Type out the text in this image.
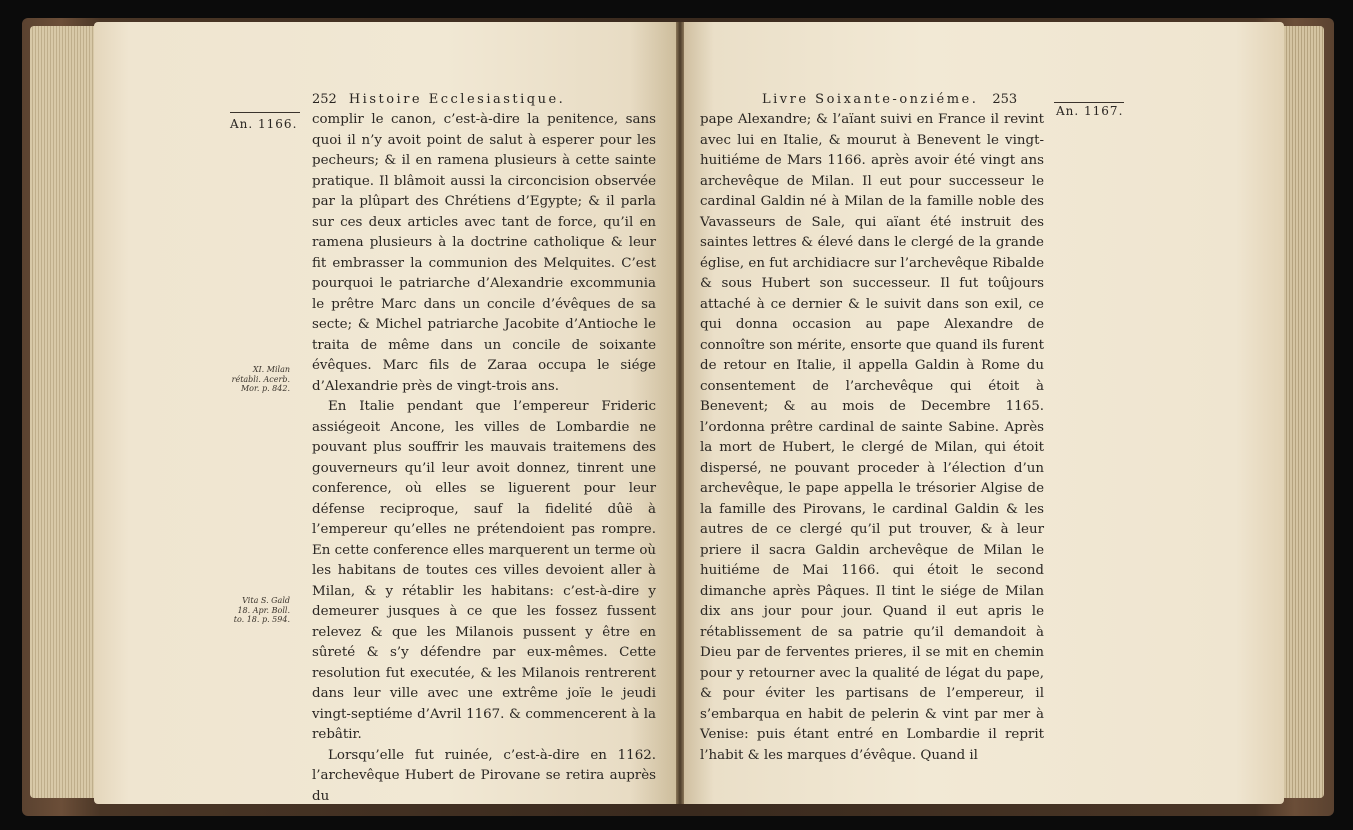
252 Histoire Ecclesiastique.
An. 1166.
XI. Milan rétabli. Acerb. Mor. p. 842.
Vita S. Gald 18. Apr. Boll. to. 18. p. 594.

complir le canon, c’est-à-dire la penitence, sans quoi il n’y avoit point de salut à esperer pour les pecheurs; & il en ramena plusieurs à cette sainte pratique. Il blâmoit aussi la circoncision observée par la plûpart des Chrétiens d’Egypte; & il parla sur ces deux articles avec tant de force, qu’il en ramena plusieurs à la doctrine catholique & leur fit embrasser la communion des Melquites. C’est pourquoi le patriarche d’Alexandrie excommunia le prêtre Marc dans un concile d’évêques de sa secte; & Michel patriarche Jacobite d’Antioche le traita de même dans un concile de soixante évêques. Marc fils de Zaraa occupa le siége d’Alexandrie près de vingt-trois ans.

En Italie pendant que l’empereur Frideric assiégeoit Ancone, les villes de Lombardie ne pouvant plus souffrir les mauvais traitemens des gouverneurs qu’il leur avoit donnez, tinrent une conference, où elles se liguerent pour leur défense reciproque, sauf la fidelité dûë à l’empereur qu’elles ne prétendoient pas rompre. En cette conference elles marquerent un terme où les habitans de toutes ces villes devoient aller à Milan, & y rétablir les habitans: c’est-à-dire y demeurer jusques à ce que les fossez fussent relevez & que les Milanois pussent y être en sûreté & s’y défendre par eux-mêmes. Cette resolution fut executée, & les Milanois rentrerent dans leur ville avec une extrême joïe le jeudi vingt-septiéme d’Avril 1167. & commencerent à la rebâtir.

Lorsqu’elle fut ruinée, c’est-à-dire en 1162. l’archevêque Hubert de Pirovane se retira auprès du

Livre Soixante-onziéme. 253
An. 1167.

pape Alexandre; & l’aïant suivi en France il revint avec lui en Italie, & mourut à Benevent le vingt-huitiéme de Mars 1166. après avoir été vingt ans archevêque de Milan. Il eut pour successeur le cardinal Galdin né à Milan de la famille noble des Vavasseurs de Sale, qui aïant été instruit des saintes lettres & élevé dans le clergé de la grande église, en fut archidiacre sur l’archevêque Ribalde & sous Hubert son successeur. Il fut toûjours attaché à ce dernier & le suivit dans son exil, ce qui donna occasion au pape Alexandre de connoître son mérite, ensorte que quand ils furent de retour en Italie, il appella Galdin à Rome du consentement de l’archevêque qui étoit à Benevent; & au mois de Decembre 1165. l’ordonna prêtre cardinal de sainte Sabine. Après la mort de Hubert, le clergé de Milan, qui étoit dispersé, ne pouvant proceder à l’élection d’un archevêque, le pape appella le trésorier Algise de la famille des Pirovans, le cardinal Galdin & les autres de ce clergé qu’il put trouver, & à leur priere il sacra Galdin archevêque de Milan le huitiéme de Mai 1166. qui étoit le second dimanche après Pâques. Il tint le siége de Milan dix ans jour pour jour. Quand il eut apris le rétablissement de sa patrie qu’il demandoit à Dieu par de ferventes prieres, il se mit en chemin pour y retourner avec la qualité de légat du pape, & pour éviter les partisans de l’empereur, il s’embarqua en habit de pelerin & vint par mer à Venise: puis étant entré en Lombardie il reprit l’habit & les marques d’évêque. Quand il
